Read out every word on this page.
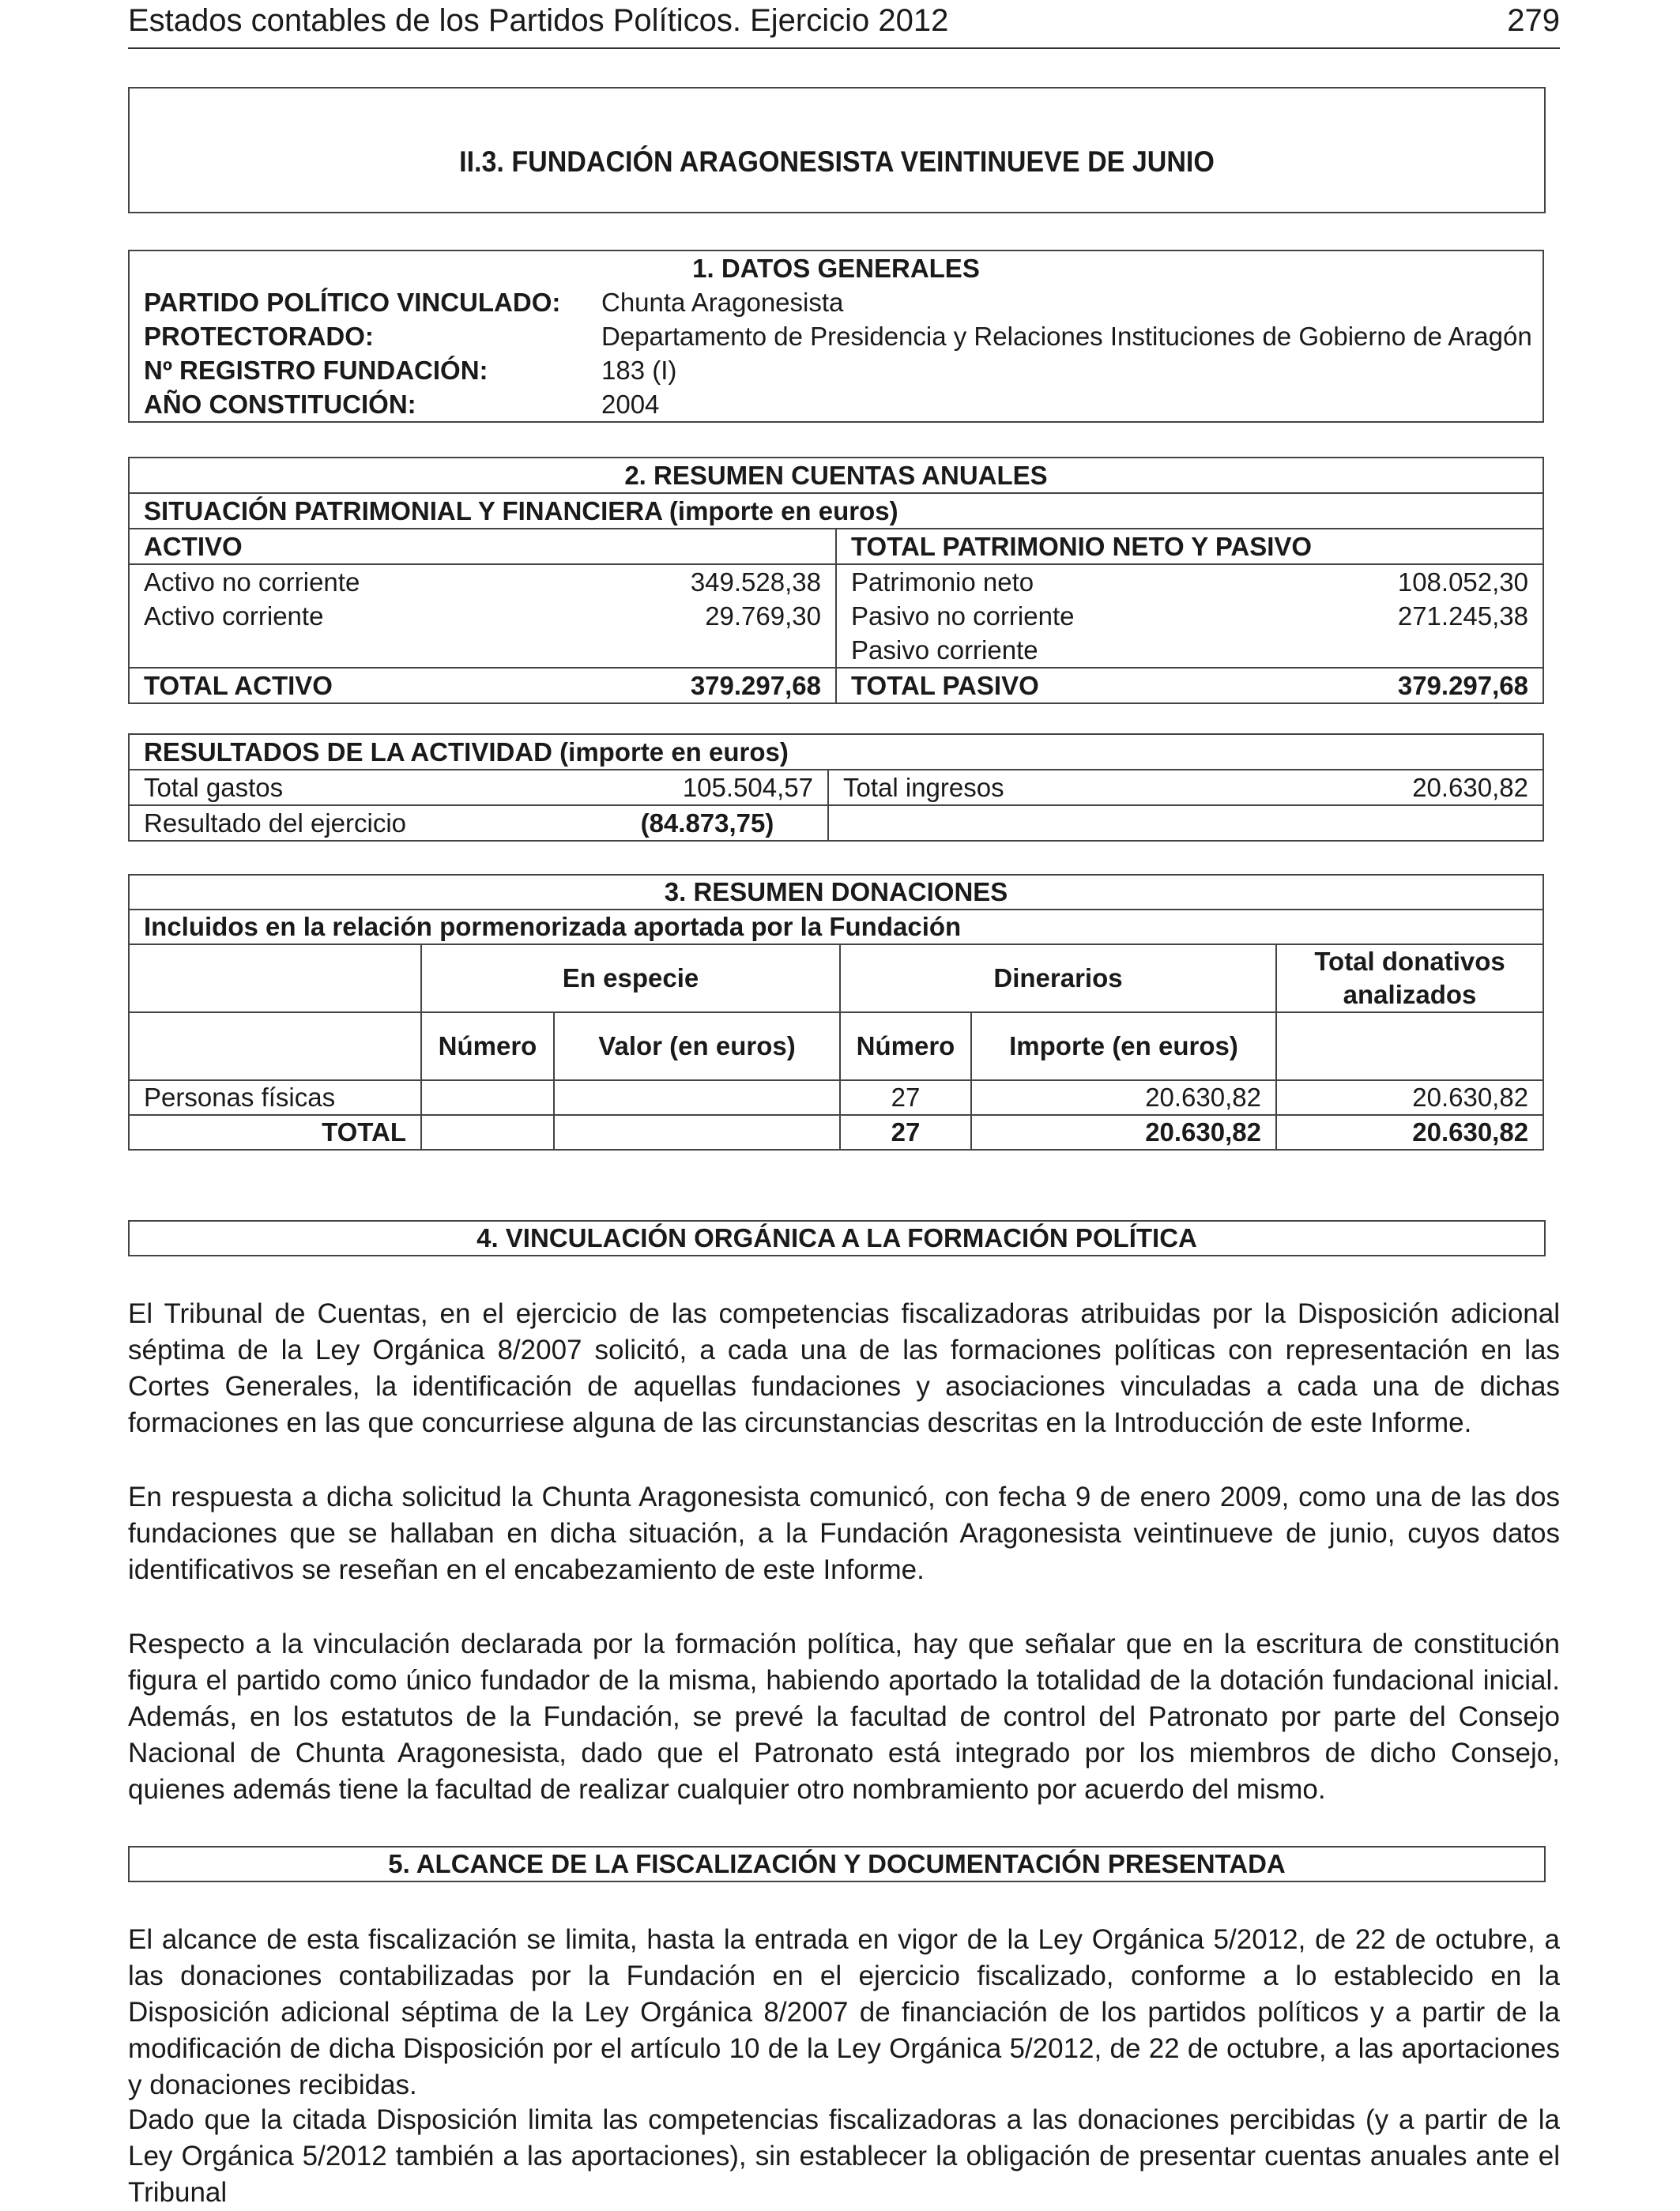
Estados contables de los Partidos Políticos. Ejercicio 2012	279
II.3. FUNDACIÓN ARAGONESISTA VEINTINUEVE DE JUNIO
1. DATOS GENERALES	
PARTIDO POLÍTICO VINCULADO:	Chunta Aragonesista
PROTECTORADO:	Departamento de Presidencia y Relaciones Instituciones de Gobierno de Aragón
Nº REGISTRO FUNDACIÓN:	183 (I)
AÑO CONSTITUCIÓN:	2004
2. RESUMEN CUENTAS ANUALES			
SITUACIÓN PATRIMONIAL Y FINANCIERA (importe en euros)			
ACTIVO		TOTAL PATRIMONIO NETO Y PASIVO	
Activo no corriente	349.528,38	Patrimonio neto	108.052,30
Activo corriente	29.769,30	Pasivo no corriente	271.245,38
		Pasivo corriente	
TOTAL ACTIVO	379.297,68	TOTAL PASIVO	379.297,68
RESULTADOS DE LA ACTIVIDAD (importe en euros)			
Total gastos	105.504,57	Total ingresos	20.630,82
Resultado del ejercicio	(84.873,75)		
3. RESUMEN DONACIONES					
Incluidos en la relación pormenorizada aportada por la Fundación					
	En especie		Dinerarios		Total donativos analizados
	Número	Valor (en euros)	Número	Importe (en euros)	
Personas físicas			27	20.630,82	20.630,82
TOTAL			27	20.630,82	20.630,82
4. VINCULACIÓN ORGÁNICA A LA FORMACIÓN POLÍTICA

El Tribunal de Cuentas, en el ejercicio de las competencias fiscalizadoras atribuidas por la Disposición adicional séptima de la Ley Orgánica 8/2007 solicitó, a cada una de las formaciones políticas con representación en las Cortes Generales, la identificación de aquellas fundaciones y asociaciones vinculadas a cada una de dichas formaciones en las que concurriese alguna de las circunstancias descritas en la Introducción de este Informe.

En respuesta a dicha solicitud la Chunta Aragonesista comunicó, con fecha 9 de enero 2009, como una de las dos fundaciones que se hallaban en dicha situación, a la Fundación Aragonesista veintinueve de junio, cuyos datos identificativos se reseñan en el encabezamiento de este Informe.

Respecto a la vinculación declarada por la formación política, hay que señalar que en la escritura de constitución figura el partido como único fundador de la misma, habiendo aportado la totalidad de la dotación fundacional inicial. Además, en los estatutos de la Fundación, se prevé la facultad de control del Patronato por parte del Consejo Nacional de Chunta Aragonesista, dado que el Patronato está integrado por los miembros de dicho Consejo, quienes además tiene la facultad de realizar cualquier otro nombramiento por acuerdo del mismo.

5. ALCANCE DE LA FISCALIZACIÓN Y DOCUMENTACIÓN PRESENTADA

El alcance de esta fiscalización se limita, hasta la entrada en vigor de la Ley Orgánica 5/2012, de 22 de octubre, a las donaciones contabilizadas por la Fundación en el ejercicio fiscalizado, conforme a lo establecido en la Disposición adicional séptima de la Ley Orgánica 8/2007 de financiación de los partidos políticos y a partir de la modificación de dicha Disposición por el artículo 10 de la Ley Orgánica 5/2012, de 22 de octubre, a las aportaciones y donaciones recibidas.

Dado que la citada Disposición limita las competencias fiscalizadoras a las donaciones percibidas (y a partir de la Ley Orgánica 5/2012 también a las aportaciones), sin establecer la obligación de presentar cuentas anuales ante el Tribunal
